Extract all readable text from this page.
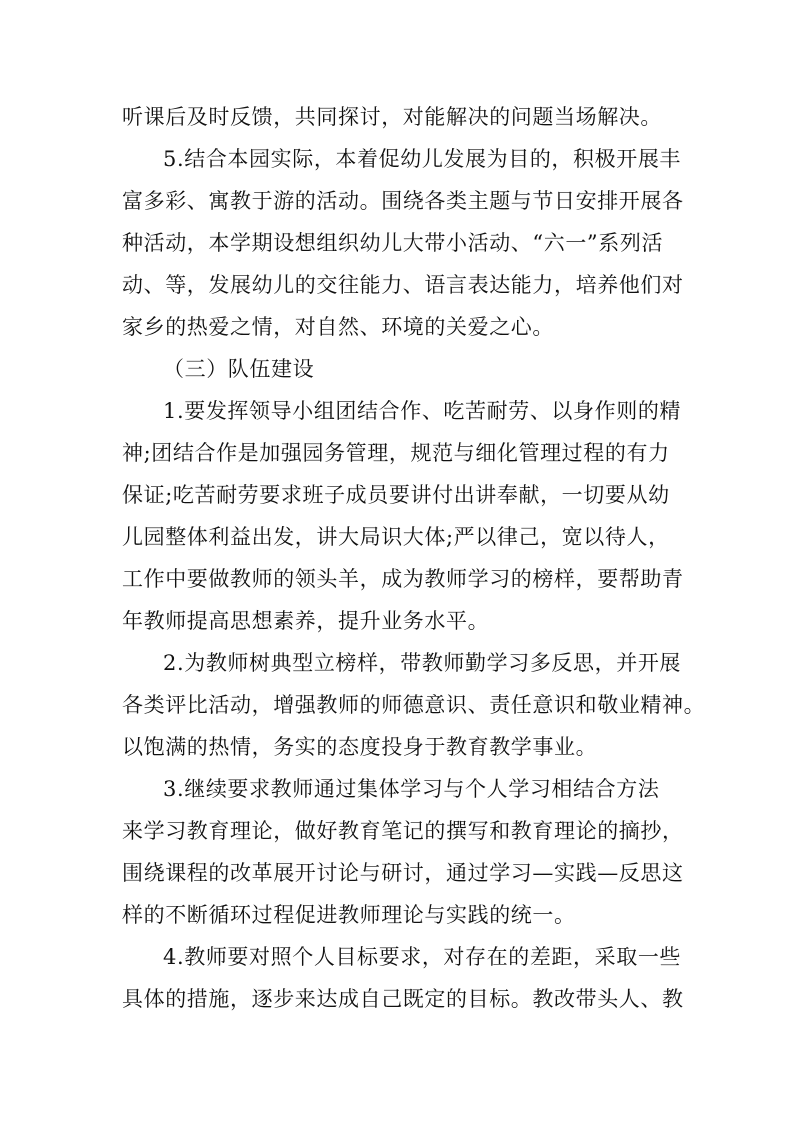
听课后及时反馈，共同探讨，对能解决的问题当场解决。
5.结合本园实际，本着促幼儿发展为目的，积极开展丰
富多彩、寓教于游的活动。围绕各类主题与节日安排开展各
种活动，本学期设想组织幼儿大带小活动、“六一”系列活
动、等，发展幼儿的交往能力、语言表达能力，培养他们对
家乡的热爱之情，对自然、环境的关爱之心。
（三）队伍建设
1.要发挥领导小组团结合作、吃苦耐劳、以身作则的精
神;团结合作是加强园务管理，规范与细化管理过程的有力
保证;吃苦耐劳要求班子成员要讲付出讲奉献，一切要从幼
儿园整体利益出发，讲大局识大体;严以律己，宽以待人，
工作中要做教师的领头羊，成为教师学习的榜样，要帮助青
年教师提高思想素养，提升业务水平。
2.为教师树典型立榜样，带教师勤学习多反思，并开展
各类评比活动，增强教师的师德意识、责任意识和敬业精神。
以饱满的热情，务实的态度投身于教育教学事业。
3.继续要求教师通过集体学习与个人学习相结合方法
来学习教育理论，做好教育笔记的撰写和教育理论的摘抄，
围绕课程的改革展开讨论与研讨，通过学习—实践—反思这
样的不断循环过程促进教师理论与实践的统一。
4.教师要对照个人目标要求，对存在的差距，采取一些
具体的措施，逐步来达成自己既定的目标。教改带头人、教
